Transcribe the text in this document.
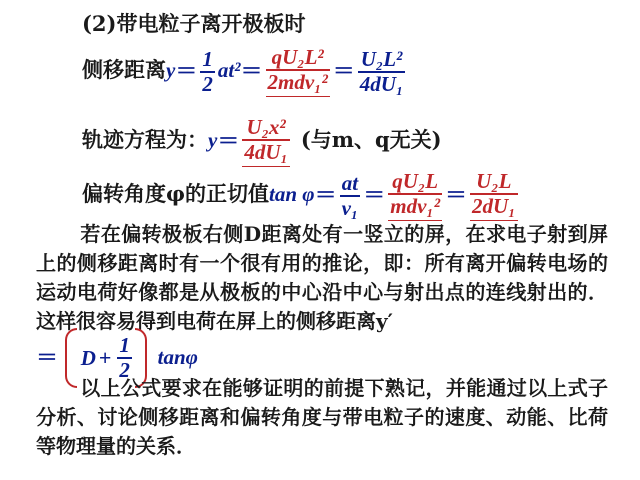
(2)带电粒子离开极板时
侧移距离$y= \frac{1}{2} at^2=$
qU₂L²
$2mdv_1^2 = \frac{\text{U₂L²}}{\text{4dU₁}}$
轨迹方程为：$y= \frac{\text{U₂x²}}{\text{4dU₁}}$ (与m、q无关)
偏转角度φ的正切值$\tan \varphi= \frac{at}{\text{v₁}}$ ＝
qU₂L
$mdv_1^2 = \frac{\text{U₂L}}{\text{2dU₁}}$
若在偏转极板右侧D距离处有一竖立的屏，在求电子射到屏上的侧移距离时有一个很有用的推论，即：所有离开偏转电场的运动电荷好像都是从极板的中心沿中心与射出点的连线射出的．这样很容易得到电荷在屏上的侧移距离y′
＝ $D + \frac{1}{2}$ tanφ
以上公式要求在能够证明的前提下熟记，并能通过以上式子分析、讨论侧移距离和偏转角度与带电粒子的速度、动能、比荷等物理量的关系．
